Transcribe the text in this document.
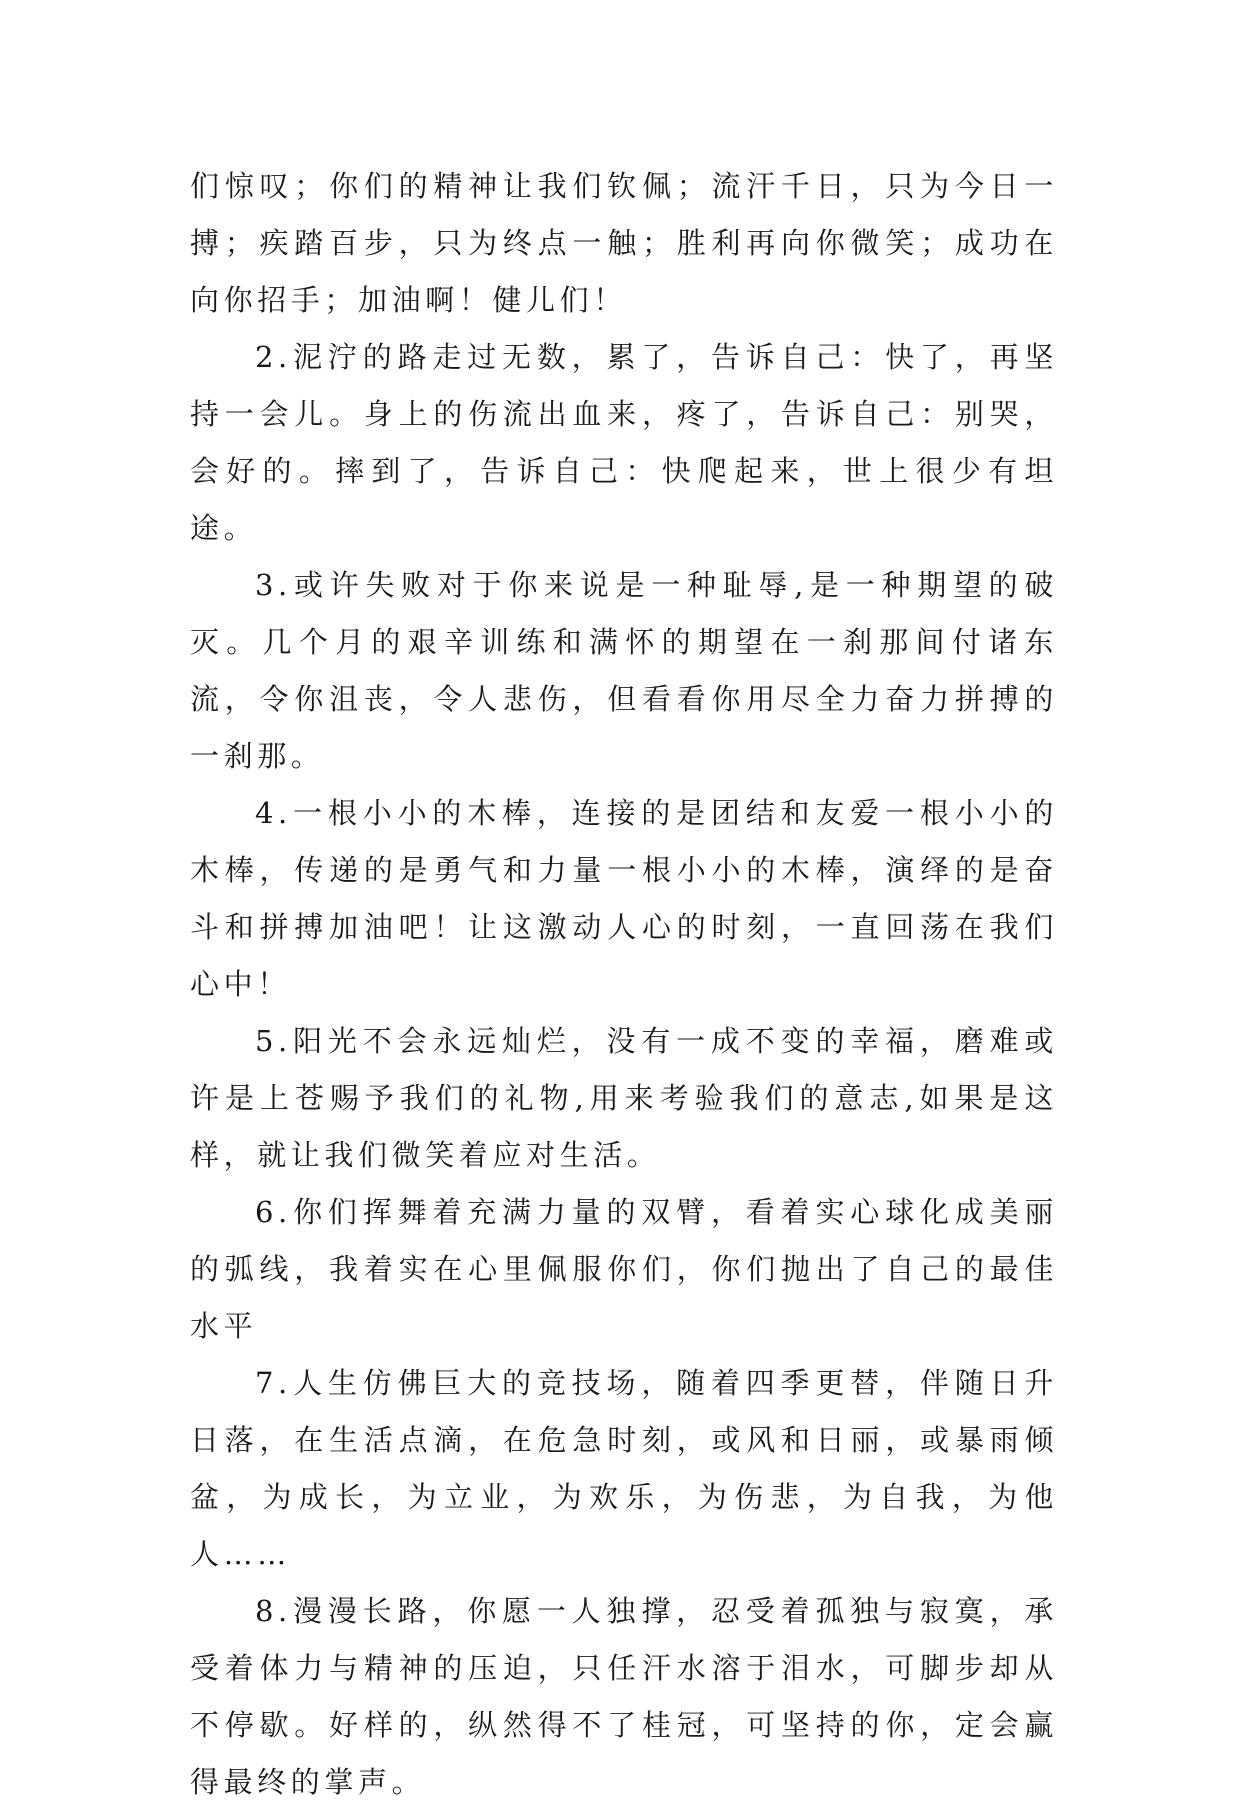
们惊叹；你们的精神让我们钦佩；流汗千日，只为今日一搏；疾踏百步，只为终点一触；胜利再向你微笑；成功在向你招手；加油啊！健儿们！

2.泥泞的路走过无数，累了，告诉自己：快了，再坚持一会儿。身上的伤流出血来，疼了，告诉自己：别哭，会好的。摔到了，告诉自己：快爬起来，世上很少有坦途。

3.或许失败对于你来说是一种耻辱,是一种期望的破灭。几个月的艰辛训练和满怀的期望在一刹那间付诸东流，令你沮丧，令人悲伤，但看看你用尽全力奋力拼搏的一刹那。

4.一根小小的木棒，连接的是团结和友爱一根小小的木棒，传递的是勇气和力量一根小小的木棒，演绎的是奋斗和拼搏加油吧！让这激动人心的时刻，一直回荡在我们心中！

5.阳光不会永远灿烂，没有一成不变的幸福，磨难或许是上苍赐予我们的礼物,用来考验我们的意志,如果是这样，就让我们微笑着应对生活。

6.你们挥舞着充满力量的双臂，看着实心球化成美丽的弧线，我着实在心里佩服你们，你们抛出了自己的最佳水平

7.人生仿佛巨大的竞技场，随着四季更替，伴随日升日落，在生活点滴，在危急时刻，或风和日丽，或暴雨倾盆，为成长，为立业，为欢乐，为伤悲，为自我，为他人……

8.漫漫长路，你愿一人独撑，忍受着孤独与寂寞，承受着体力与精神的压迫，只任汗水溶于泪水，可脚步却从不停歇。好样的，纵然得不了桂冠，可坚持的你，定会赢得最终的掌声。
